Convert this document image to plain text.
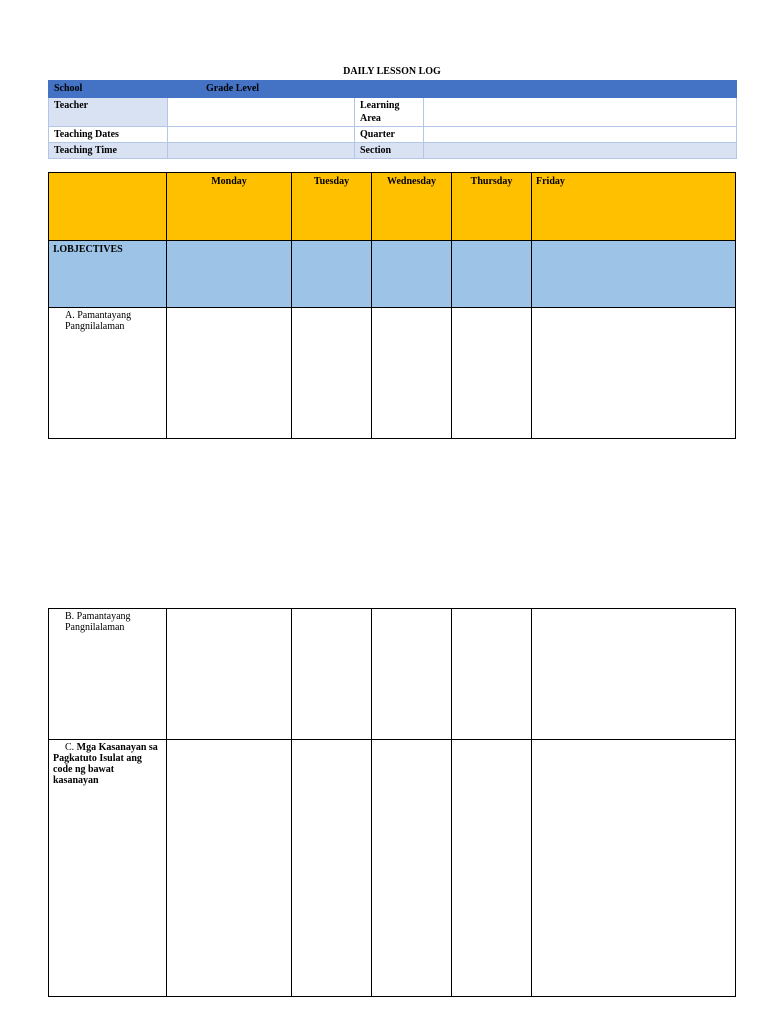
DAILY LESSON LOG
School	Grade Level		
Teacher		Learning Area	
Teaching Dates		Quarter	
Teaching Time		Section	
	Monday	Tuesday	Wednesday	Thursday	Friday
I.OBJECTIVES					
A. Pamantayang Pangnilalaman					
B. Pamantayang Pangnilalaman					
C. Mga Kasanayan sa Pagkatuto Isulat ang code ng bawat kasanayan					
